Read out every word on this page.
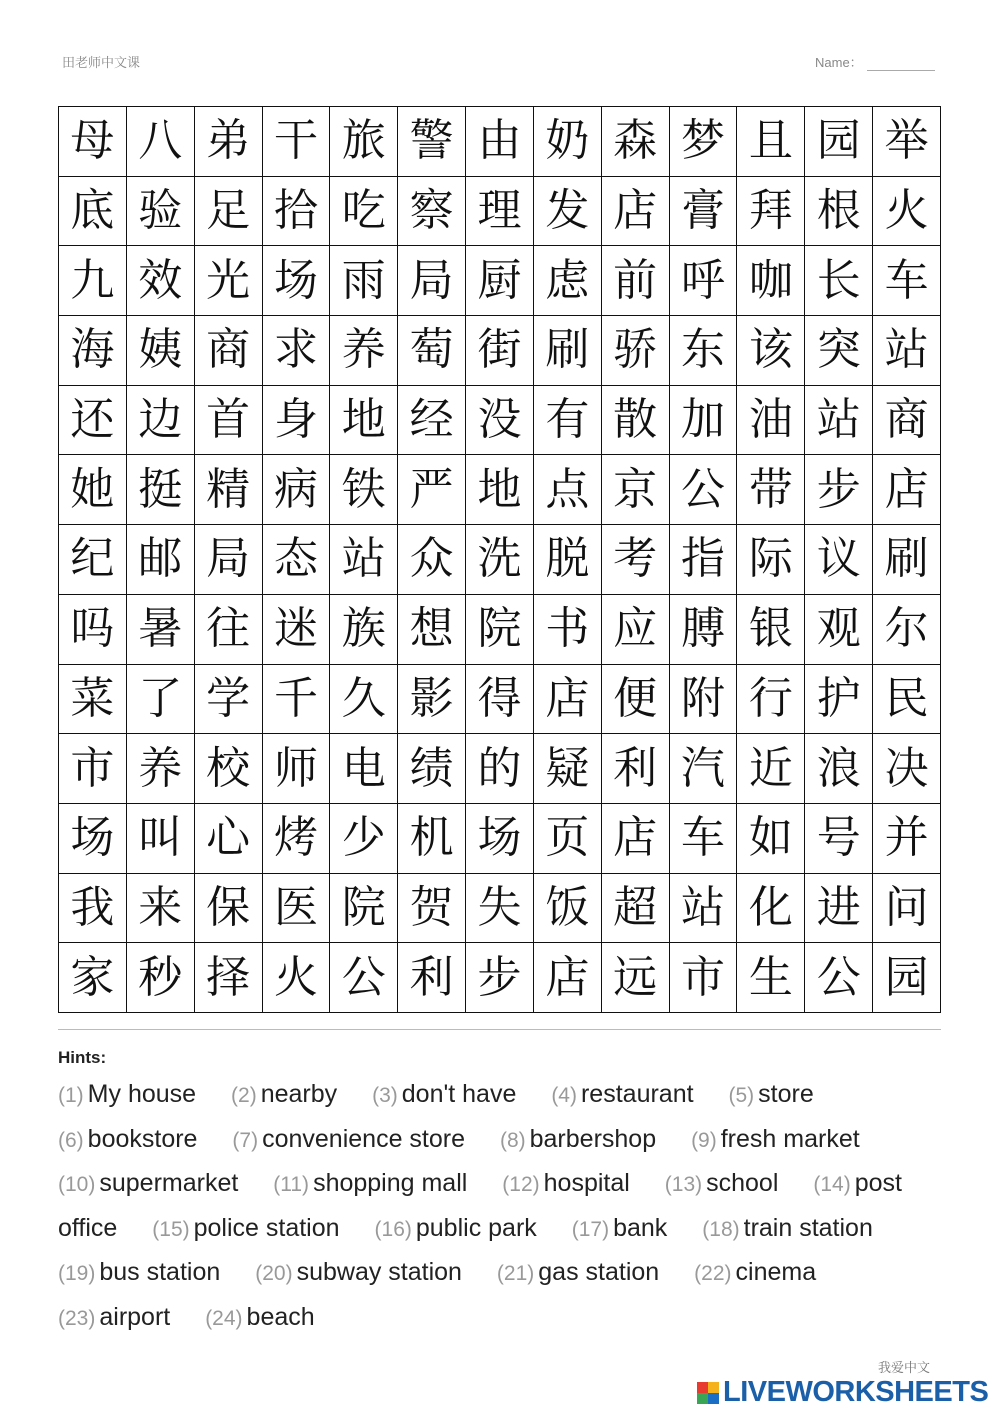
田老师中文课	Name：
母	八	弟	干	旅	警	由	奶	森	梦	且	园	举
底	验	足	拾	吃	察	理	发	店	膏	拜	根	火
九	效	光	场	雨	局	厨	虑	前	呼	咖	长	车
海	姨	商	求	养	萄	街	刷	骄	东	该	突	站
还	边	首	身	地	经	没	有	散	加	油	站	商
她	挺	精	病	铁	严	地	点	京	公	带	步	店
纪	邮	局	态	站	众	洗	脱	考	指	际	议	刷
吗	暑	往	迷	族	想	院	书	应	膊	银	观	尔
菜	了	学	千	久	影	得	店	便	附	行	护	民
市	养	校	师	电	绩	的	疑	利	汽	近	浪	决
场	叫	心	烤	少	机	场	页	店	车	如	号	并
我	来	保	医	院	贺	失	饭	超	站	化	进	问
家	秒	择	火	公	利	步	店	远	市	生	公	园
Hints:
(1) My house (2) nearby (3) don't have (4) restaurant (5) store (6) bookstore (7) convenience store (8) barbershop (9) fresh market (10) supermarket (11) shopping mall (12) hospital (13) school (14) post office (15) police station (16) public park (17) bank (18) train station (19) bus station (20) subway station (21) gas station (22) cinema (23) airport (24) beach
我爱中文
LIVEWORKSHEETS
